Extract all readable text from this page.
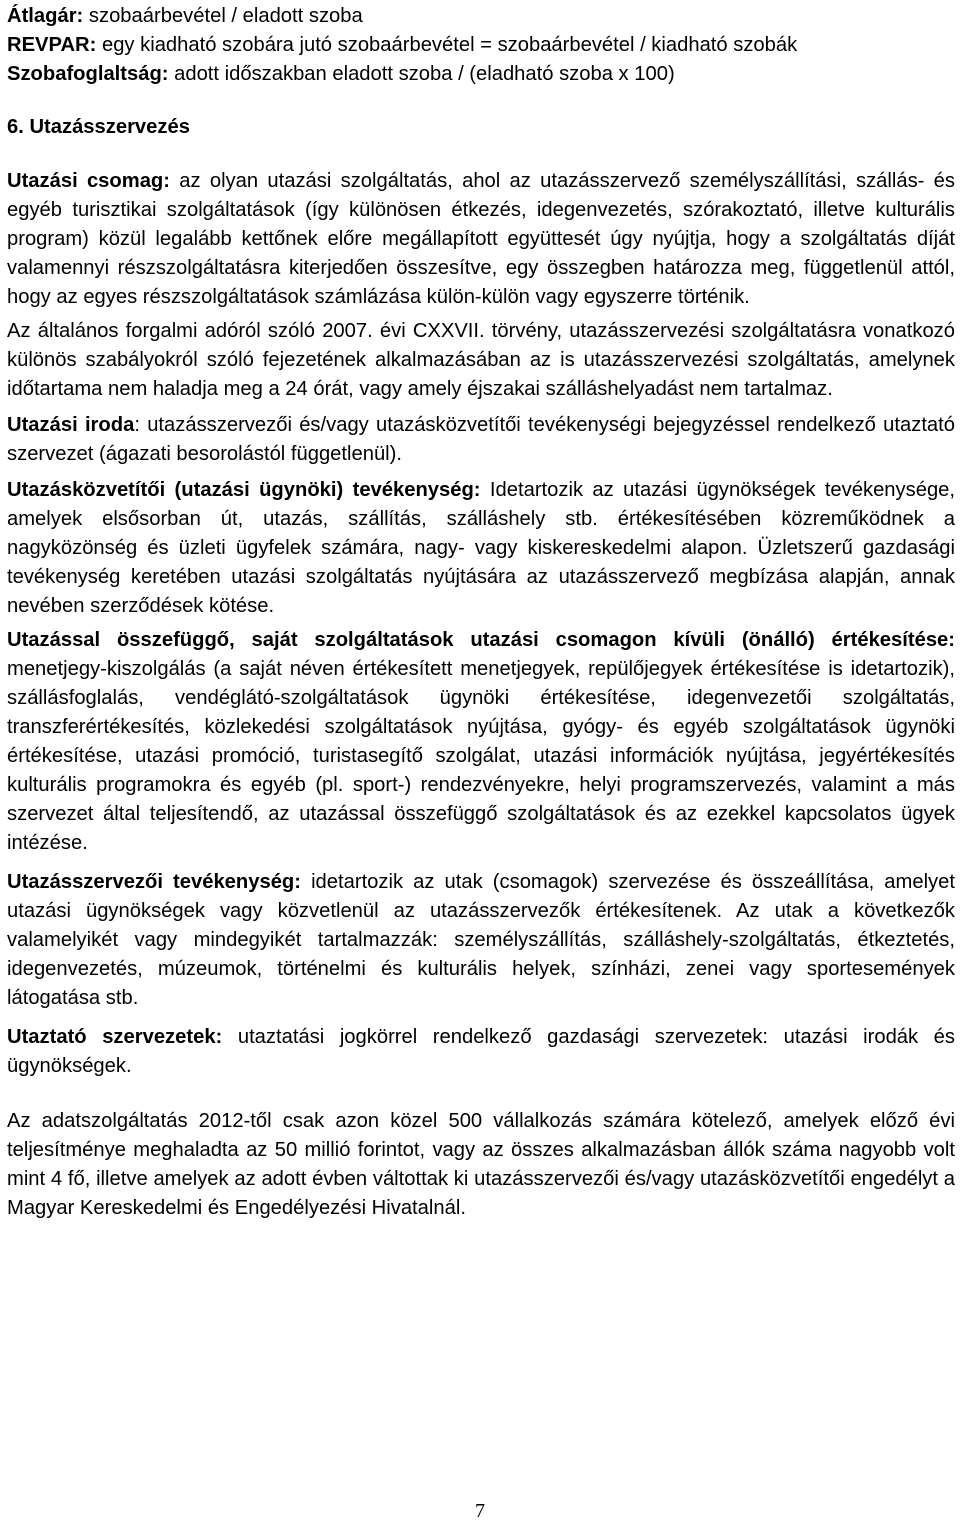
Átlagár: szobaárbevétel / eladott szoba

REVPAR: egy kiadható szobára jutó szobaárbevétel = szobaárbevétel / kiadható szobák

Szobafoglaltság: adott időszakban eladott szoba / (eladható szoba x 100)

6. Utazásszervezés

Utazási csomag: az olyan utazási szolgáltatás, ahol az utazásszervező személyszállítási, szállás- és egyéb turisztikai szolgáltatások (így különösen étkezés, idegenvezetés, szórakoztató, illetve kulturális program) közül legalább kettőnek előre megállapított együttesét úgy nyújtja, hogy a szolgáltatás díját valamennyi részszolgáltatásra kiterjedően összesítve, egy összegben határozza meg, függetlenül attól, hogy az egyes részszolgáltatások számlázása külön-külön vagy egyszerre történik.

Az általános forgalmi adóról szóló 2007. évi CXXVII. törvény, utazásszervezési szolgáltatásra vonatkozó különös szabályokról szóló fejezetének alkalmazásában az is utazásszervezési szolgáltatás, amelynek időtartama nem haladja meg a 24 órát, vagy amely éjszakai szálláshelyadást nem tartalmaz.

Utazási iroda: utazásszervezői és/vagy utazásközvetítői tevékenységi bejegyzéssel rendelkező utaztató szervezet (ágazati besorolástól függetlenül).

Utazásközvetítői (utazási ügynöki) tevékenység: Idetartozik az utazási ügynökségek tevékenysége, amelyek elsősorban út, utazás, szállítás, szálláshely stb. értékesítésében közreműködnek a nagyközönség és üzleti ügyfelek számára, nagy- vagy kiskereskedelmi alapon. Üzletszerű gazdasági tevékenység keretében utazási szolgáltatás nyújtására az utazásszervező megbízása alapján, annak nevében szerződések kötése.

Utazással összefüggő, saját szolgáltatások utazási csomagon kívüli (önálló) értékesítése: menetjegy-kiszolgálás (a saját néven értékesített menetjegyek, repülőjegyek értékesítése is idetartozik), szállásfoglalás, vendéglátó-szolgáltatások ügynöki értékesítése, idegenvezetői szolgáltatás, transzferértékesítés, közlekedési szolgáltatások nyújtása, gyógy- és egyéb szolgáltatások ügynöki értékesítése, utazási promóció, turistasegítő szolgálat, utazási információk nyújtása, jegyértékesítés kulturális programokra és egyéb (pl. sport-) rendezvényekre, helyi programszervezés, valamint a más szervezet által teljesítendő, az utazással összefüggő szolgáltatások és az ezekkel kapcsolatos ügyek intézése.

Utazásszervezői tevékenység: idetartozik az utak (csomagok) szervezése és összeállítása, amelyet utazási ügynökségek vagy közvetlenül az utazásszervezők értékesítenek. Az utak a következők valamelyikét vagy mindegyikét tartalmazzák: személyszállítás, szálláshely-szolgáltatás, étkeztetés, idegenvezetés, múzeumok, történelmi és kulturális helyek, színházi, zenei vagy sportesemények látogatása stb.

Utaztató szervezetek: utaztatási jogkörrel rendelkező gazdasági szervezetek: utazási irodák és ügynökségek.

Az adatszolgáltatás 2012-től csak azon közel 500 vállalkozás számára kötelező, amelyek előző évi teljesítménye meghaladta az 50 millió forintot, vagy az összes alkalmazásban állók száma nagyobb volt mint 4 fő, illetve amelyek az adott évben váltottak ki utazásszervezői és/vagy utazásközvetítői engedélyt a Magyar Kereskedelmi és Engedélyezési Hivatalnál.

7
